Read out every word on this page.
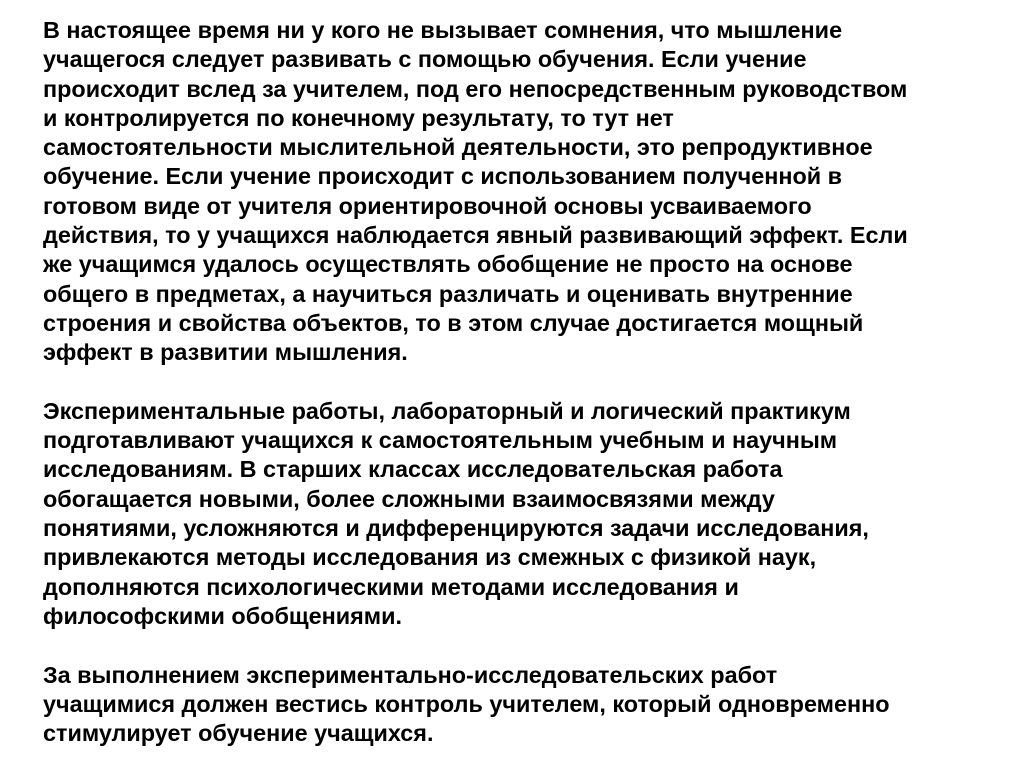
В настоящее время ни у кого не вызывает сомнения, что мышление
учащегося следует развивать с помощью обучения. Если учение
происходит вслед за учителем, под его непосредственным руководством
и контролируется по конечному результату, то тут нет
самостоятельности мыслительной деятельности, это репродуктивное
обучение. Если учение происходит с использованием полученной в
готовом виде от учителя ориентировочной основы усваиваемого
действия, то у учащихся наблюдается явный развивающий эффект. Если
же учащимся удалось осуществлять обобщение не просто на основе
общего в предметах, а научиться различать и оценивать внутренние
строения и свойства объектов, то в этом случае достигается мощный
эффект в развитии мышления.
Экспериментальные работы, лабораторный и логический практикум
подготавливают учащихся к самостоятельным учебным и научным
исследованиям. В старших классах исследовательская работа
обогащается новыми, более сложными взаимосвязями между
понятиями, усложняются и дифференцируются задачи исследования,
привлекаются методы исследования из смежных с физикой наук,
дополняются психологическими методами исследования и
философскими обобщениями.
За выполнением экспериментально-исследовательских работ
учащимися должен вестись контроль учителем, который одновременно
стимулирует обучение учащихся.
